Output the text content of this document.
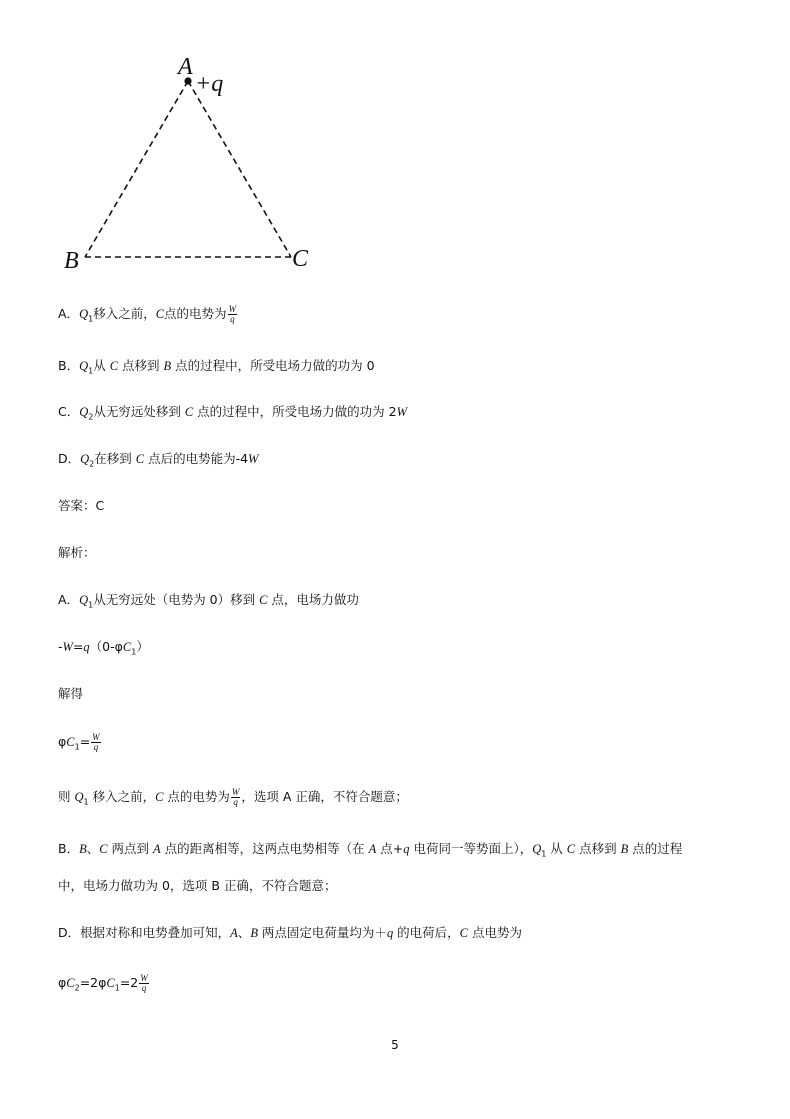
A
+q
B	C
A．$Q_1$移入之前，C点的电势为 $\frac{W}{q}$
B．$Q_1$从 C 点移到 B 点的过程中，所受电场力做的功为 0
C．$Q_2$从无穷远处移到 C 点的过程中，所受电场力做的功为 2W
D．$Q_2$在移到 C 点后的电势能为-4W
答案：C
解析：
A．$Q_1$从无穷远处（电势为 0）移到 C 点，电场力做功
$-W=q(0-\varphi C_1)$
解得
$\varphi C_1= \frac{W}{q}$
则 $Q_1$ 移入之前，C 点的电势为 $\frac{W}{q}$ ，选项 A 正确，不符合题意；
B．B、C 两点到 A 点的距离相等，这两点电势相等（在 A 点+q 电荷同一等势面上），$Q_1$ 从 C 点移到 B 点的过程
中，电场力做功为 0，选项 B 正确，不符合题意；
D．根据对称和电势叠加可知，A、B 两点固定电荷量均为＋q 的电荷后，C 点电势为
$\varphi C_2=2\varphi C_1=2 \frac{W}{q}$
5
